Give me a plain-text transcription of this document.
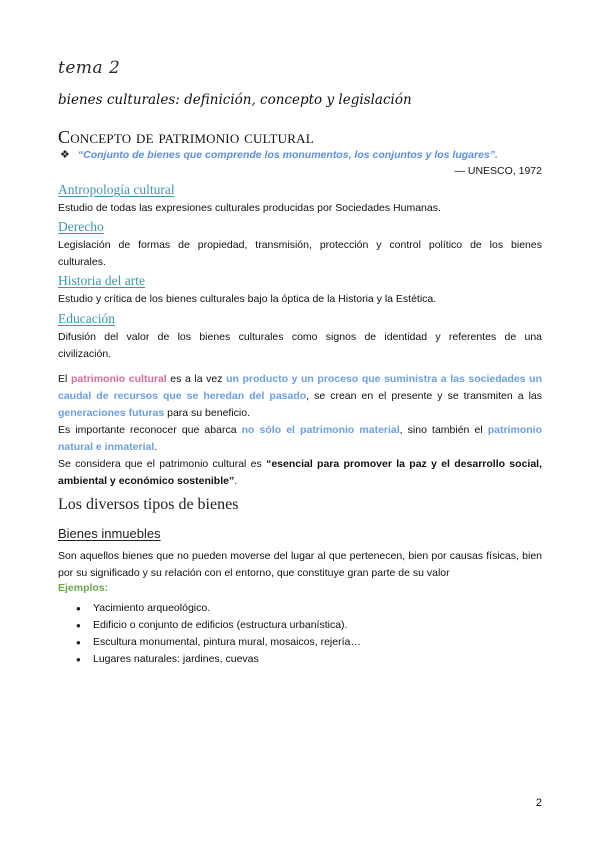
tema 2
bienes culturales: definición, concepto y legislación
Concepto de patrimonio cultural
❖ “Conjunto de bienes que comprende los monumentos, los conjuntos y los lugares”.
— UNESCO, 1972
Antropología cultural
Estudio de todas las expresiones culturales producidas por Sociedades Humanas.
Derecho
Legislación de formas de propiedad, transmisión, protección y control político de los bienes
culturales.
Historia del arte
Estudio y crítica de los bienes culturales bajo la óptica de la Historia y la Estética.
Educación
Difusión del valor de los bienes culturales como signos de identidad y referentes de una
civilización.
El patrimonio cultural es a la vez un producto y un proceso que suministra a las sociedades un caudal de recursos que se heredan del pasado, se crean en el presente y se transmiten a las generaciones futuras para su beneficio.
Es importante reconocer que abarca no sólo el patrimonio material, sino también el patrimonio natural e inmaterial.
Se considera que el patrimonio cultural es “esencial para promover la paz y el desarrollo social, ambiental y económico sostenible”.
Los diversos tipos de bienes
Bienes inmuebles
Son aquellos bienes que no pueden moverse del lugar al que pertenecen, bien por causas físicas, bien por su significado y su relación con el entorno, que constituye gran parte de su valor
Ejemplos:
● Yacimiento arqueológico.
● Edificio o conjunto de edificios (estructura urbanística).
● Escultura monumental, pintura mural, mosaicos, rejería…
● Lugares naturales: jardines, cuevas
2
